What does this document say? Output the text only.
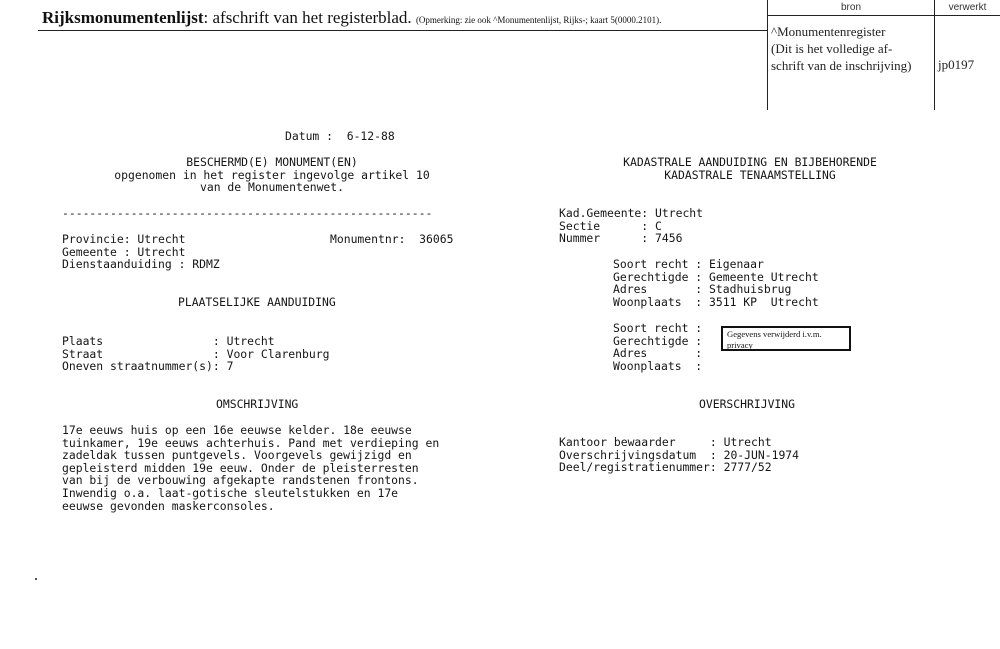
Rijksmonumentenlijst: afschrift van het registerblad. (Opmerking: zie ook ^Monumentenlijst, Rijks-; kaart 5(0000.2101).
bron	verwerkt
^Monumentenregister
(Dit is het volledige af-
schrift van de inschrijving)	jp0197
Datum :  6-12-88
BESCHERMD(E) MONUMENT(EN)
opgenomen in het register ingevolge artikel 10
van de Monumentenwet.
------------------------------------------------------
Provincie: Utrecht
Gemeente : Utrecht
Dienstaanduiding : RDMZ
Monumentnr:  36065
PLAATSELIJKE AANDUIDING
Plaats                : Utrecht
Straat                : Voor Clarenburg
Oneven straatnummer(s): 7
OMSCHRIJVING
17e eeuws huis op een 16e eeuwse kelder. 18e eeuwse
tuinkamer, 19e eeuws achterhuis. Pand met verdieping en
zadeldak tussen puntgevels. Voorgevels gewijzigd en
gepleisterd midden 19e eeuw. Onder de pleisterresten
van bij de verbouwing afgekapte randstenen frontons.
Inwendig o.a. laat-gotische sleutelstukken en 17e
eeuwse gevonden maskerconsoles.
KADASTRALE AANDUIDING EN BIJBEHORENDE
KADASTRALE TENAAMSTELLING
Kad.Gemeente: Utrecht
Sectie      : C
Nummer      : 7456
Soort recht : Eigenaar
Gerechtigde : Gemeente Utrecht
Adres       : Stadhuisbrug
Woonplaats  : 3511 KP  Utrecht
Soort recht :
Gerechtigde :
Adres       :
Woonplaats  :
Gegevens verwijderd i.v.m. privacy
OVERSCHRIJVING
Kantoor bewaarder     : Utrecht
Overschrijvingsdatum  : 20-JUN-1974
Deel/registratienummer: 2777/52
